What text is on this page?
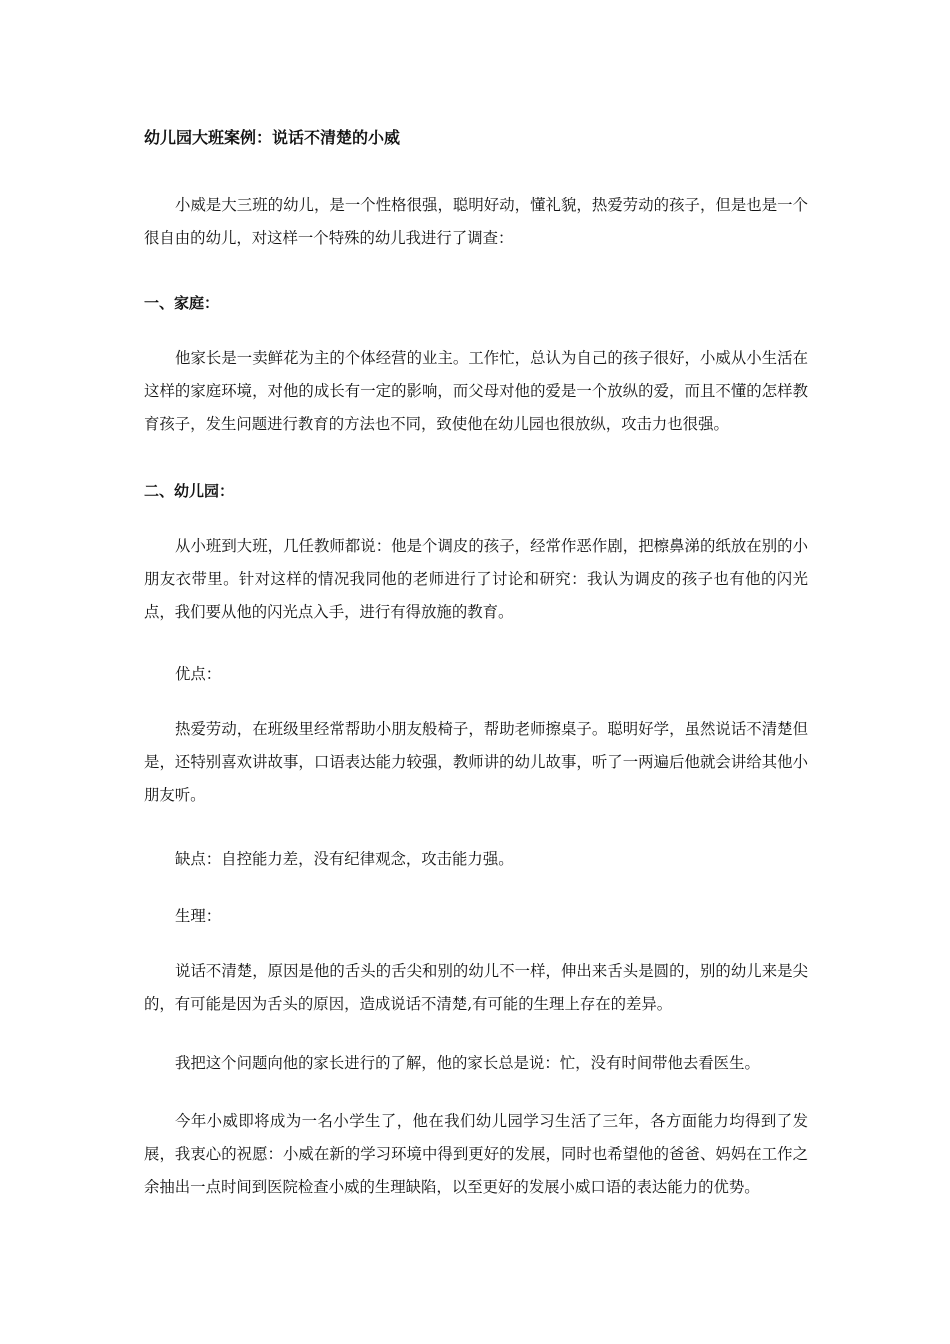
幼儿园大班案例：说话不清楚的小威

小威是大三班的幼儿，是一个性格很强，聪明好动，懂礼貌，热爱劳动的孩子，但是也是一个很自由的幼儿，对这样一个特殊的幼儿我进行了调查：

一、家庭：

他家长是一卖鲜花为主的个体经营的业主。工作忙，总认为自己的孩子很好，小威从小生活在这样的家庭环境，对他的成长有一定的影响，而父母对他的爱是一个放纵的爱，而且不懂的怎样教育孩子，发生问题进行教育的方法也不同，致使他在幼儿园也很放纵，攻击力也很强。

二、幼儿园：

从小班到大班，几任教师都说：他是个调皮的孩子，经常作恶作剧，把檫鼻涕的纸放在别的小朋友衣带里。针对这样的情况我同他的老师进行了讨论和研究：我认为调皮的孩子也有他的闪光点，我们要从他的闪光点入手，进行有得放施的教育。

优点：

热爱劳动，在班级里经常帮助小朋友般椅子，帮助老师擦桌子。聪明好学，虽然说话不清楚但是，还特别喜欢讲故事，口语表达能力较强，教师讲的幼儿故事，听了一两遍后他就会讲给其他小朋友听。

缺点：自控能力差，没有纪律观念，攻击能力强。

生理：

说话不清楚，原因是他的舌头的舌尖和别的幼儿不一样，伸出来舌头是圆的，别的幼儿来是尖的，有可能是因为舌头的原因，造成说话不清楚,有可能的生理上存在的差异。

我把这个问题向他的家长进行的了解，他的家长总是说：忙，没有时间带他去看医生。

今年小威即将成为一名小学生了，他在我们幼儿园学习生活了三年，各方面能力均得到了发展，我衷心的祝愿：小威在新的学习环境中得到更好的发展，同时也希望他的爸爸、妈妈在工作之余抽出一点时间到医院检查小威的生理缺陷，以至更好的发展小威口语的表达能力的优势。
